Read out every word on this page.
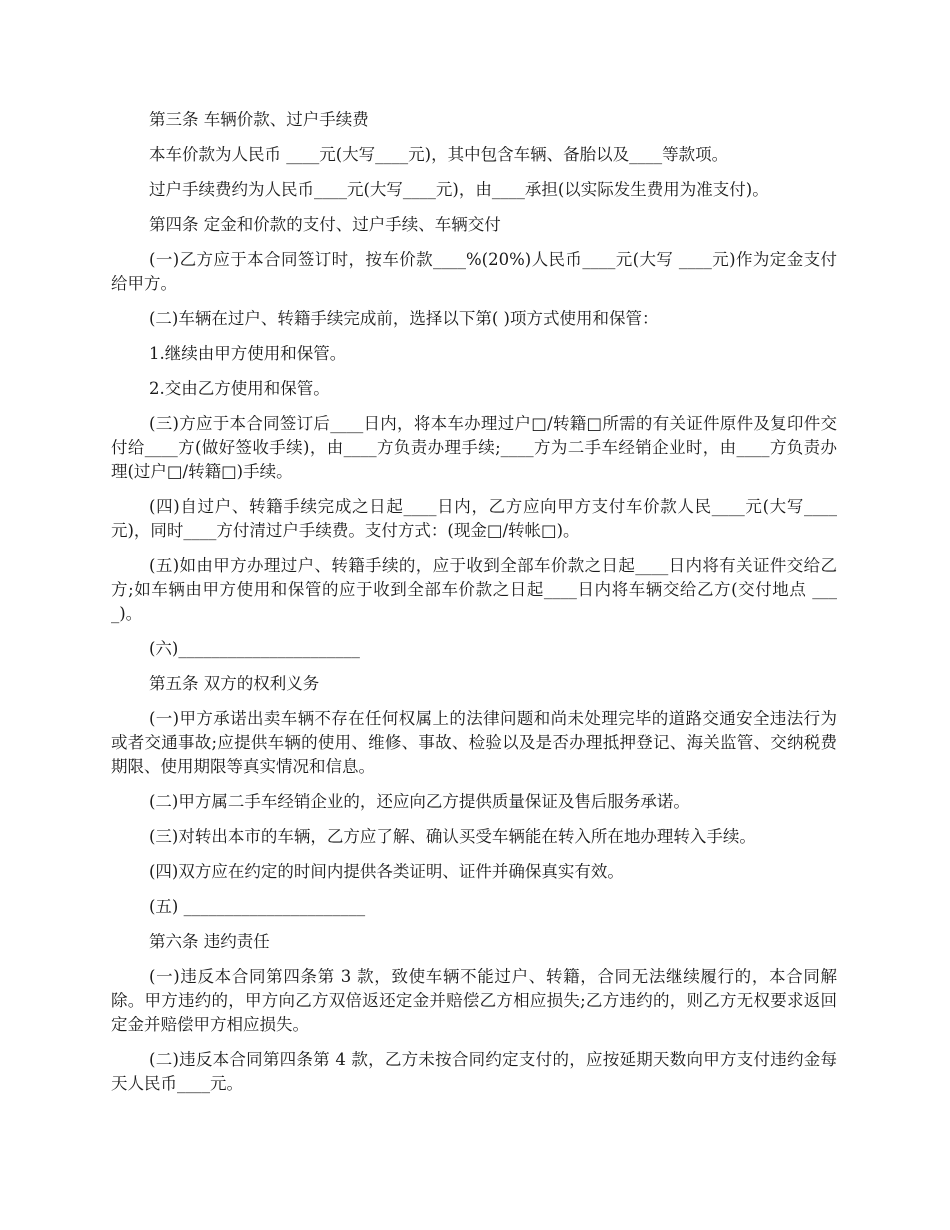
第三条 车辆价款、过户手续费

本车价款为人民币 ____元(大写____元)，其中包含车辆、备胎以及____等款项。

过户手续费约为人民币____元(大写____元)，由____承担(以实际发生费用为准支付)。

第四条 定金和价款的支付、过户手续、车辆交付

(一)乙方应于本合同签订时，按车价款____%(20%)人民币____元(大写 ____元)作为定金支付给甲方。

(二)车辆在过户、转籍手续完成前，选择以下第( )项方式使用和保管：

1.继续由甲方使用和保管。

2.交由乙方使用和保管。

(三)方应于本合同签订后____日内，将本车办理过户□/转籍□所需的有关证件原件及复印件交付给____方(做好签收手续)，由____方负责办理手续;____方为二手车经销企业时，由____方负责办理(过户□/转籍□)手续。

(四)自过户、转籍手续完成之日起____日内，乙方应向甲方支付车价款人民____元(大写____元)，同时____方付清过户手续费。支付方式：(现金□/转帐□)。

(五)如由甲方办理过户、转籍手续的，应于收到全部车价款之日起____日内将有关证件交给乙方;如车辆由甲方使用和保管的应于收到全部车价款之日起____日内将车辆交给乙方(交付地点 ____)。

(六)______________________

第五条 双方的权利义务

(一)甲方承诺出卖车辆不存在任何权属上的法律问题和尚未处理完毕的道路交通安全违法行为或者交通事故;应提供车辆的使用、维修、事故、检验以及是否办理抵押登记、海关监管、交纳税费期限、使用期限等真实情况和信息。

(二)甲方属二手车经销企业的，还应向乙方提供质量保证及售后服务承诺。

(三)对转出本市的车辆，乙方应了解、确认买受车辆能在转入所在地办理转入手续。

(四)双方应在约定的时间内提供各类证明、证件并确保真实有效。

(五) ______________________

第六条 违约责任

(一)违反本合同第四条第 3 款，致使车辆不能过户、转籍，合同无法继续履行的，本合同解除。甲方违约的，甲方向乙方双倍返还定金并赔偿乙方相应损失;乙方违约的，则乙方无权要求返回定金并赔偿甲方相应损失。

(二)违反本合同第四条第 4 款，乙方未按合同约定支付的，应按延期天数向甲方支付违约金每天人民币____元。
